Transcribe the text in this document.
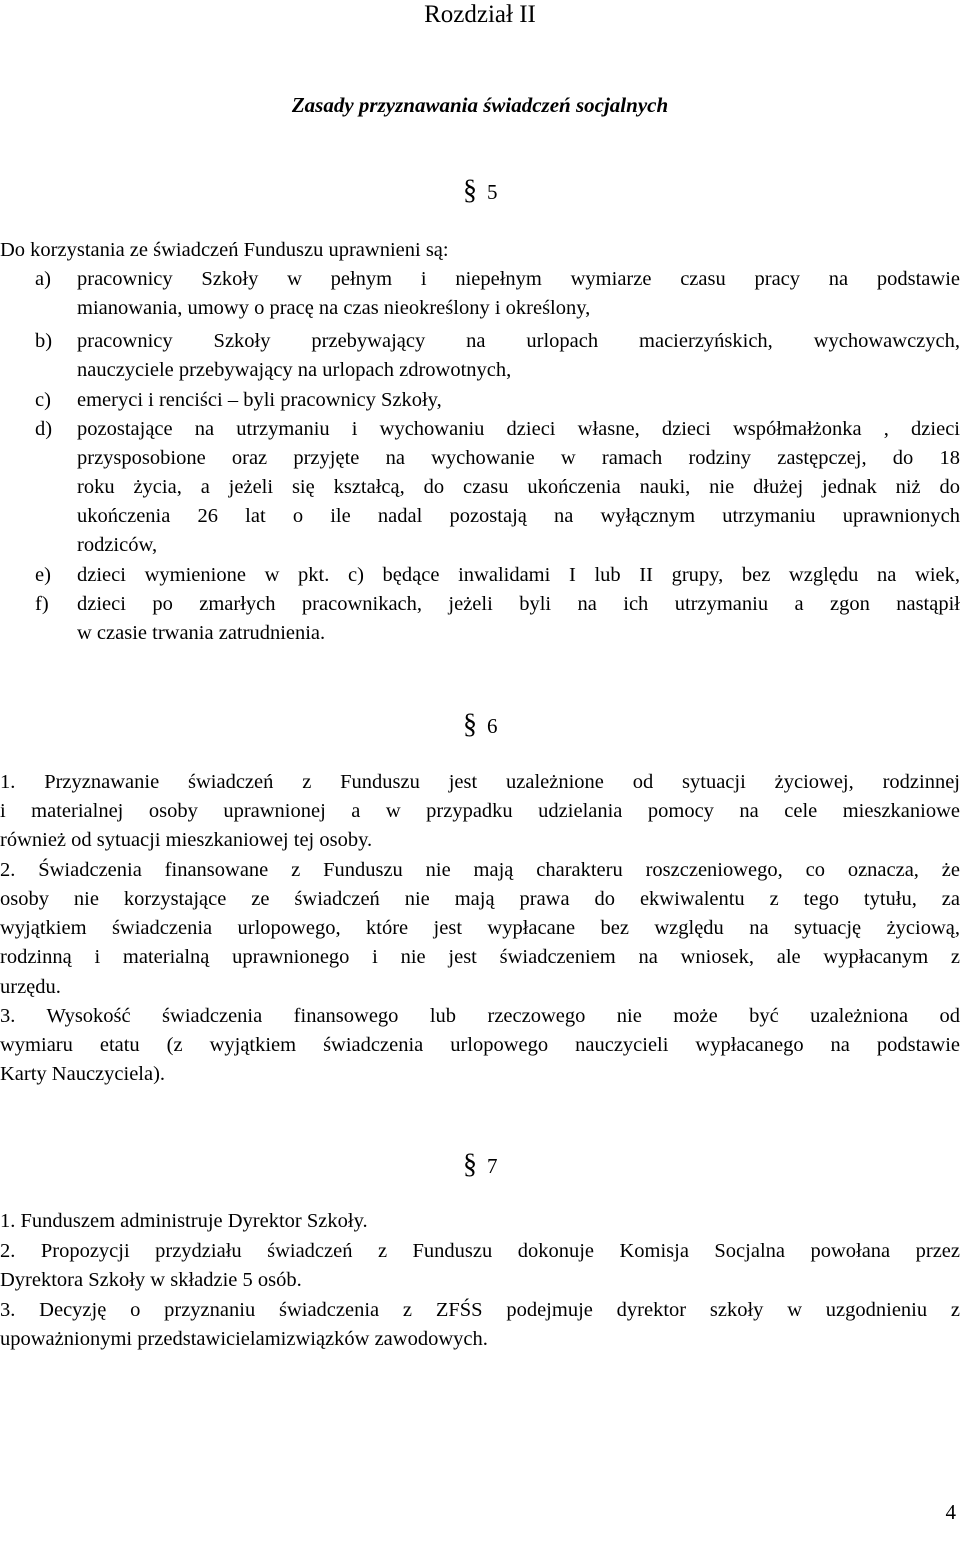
Rozdział II
Zasady przyznawania świadczeń socjalnych
§ 5
Do korzystania ze świadczeń Funduszu uprawnieni są:
a) pracownicy Szkoły w pełnym i niepełnym wymiarze czasu pracy na podstawie
mianowania, umowy o pracę na czas nieokreślony i określony,
b) pracownicy Szkoły przebywający na urlopach macierzyńskich, wychowawczych,
nauczyciele przebywający na urlopach zdrowotnych,
c) emeryci i renciści – byli pracownicy Szkoły,
d) pozostające na utrzymaniu i wychowaniu dzieci własne, dzieci współmałżonka , dzieci
przysposobione oraz przyjęte na wychowanie w ramach rodziny zastępczej, do 18
roku życia, a jeżeli się kształcą, do czasu ukończenia nauki, nie dłużej jednak niż do
ukończenia 26 lat o ile nadal pozostają na wyłącznym utrzymaniu uprawnionych
rodziców,
e) dzieci wymienione w pkt. c) będące inwalidami I lub II grupy, bez względu na wiek,
f) dzieci po zmarłych pracownikach, jeżeli byli na ich utrzymaniu a zgon nastąpił
w czasie trwania zatrudnienia.
§ 6
1. Przyznawanie świadczeń z Funduszu jest uzależnione od sytuacji życiowej, rodzinnej
i materialnej osoby uprawnionej a w przypadku udzielania pomocy na cele mieszkaniowe
również od sytuacji mieszkaniowej tej osoby.
2. Świadczenia finansowane z Funduszu nie mają charakteru roszczeniowego, co oznacza, że
osoby nie korzystające ze świadczeń nie mają prawa do ekwiwalentu z tego tytułu, za
wyjątkiem świadczenia urlopowego, które jest wypłacane bez względu na sytuację życiową,
rodzinną i materialną uprawnionego i nie jest świadczeniem na wniosek, ale wypłacanym z
urzędu.
3. Wysokość świadczenia finansowego lub rzeczowego nie może być uzależniona od
wymiaru etatu (z wyjątkiem świadczenia urlopowego nauczycieli wypłacanego na podstawie
Karty Nauczyciela).
§ 7
1. Funduszem administruje Dyrektor Szkoły.
2. Propozycji przydziału świadczeń z Funduszu dokonuje Komisja Socjalna powołana przez
Dyrektora Szkoły w składzie 5 osób.
3. Decyzję o przyznaniu świadczenia z ZFŚS podejmuje dyrektor szkoły w uzgodnieniu z
upoważnionymi przedstawicielamizwiązków zawodowych.
4
